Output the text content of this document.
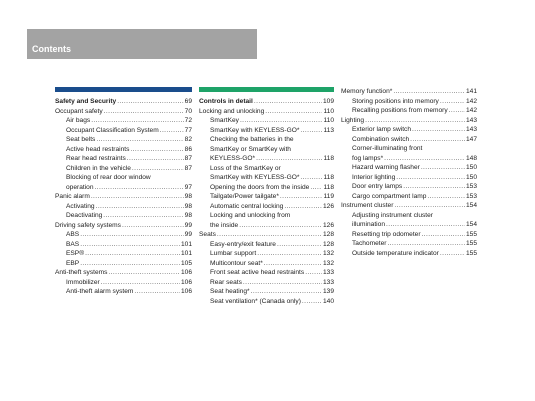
Contents
Safety and Security .....	69
Occupant safety .....	70
Air bags .....	72
Occupant Classification System .....	77
Seat belts .....	82
Active head restraints .....	86
Rear head restraints .....	87
Children in the vehicle .....	87
Blocking of rear door window
operation .....	97
Panic alarm .....	98
Activating .....	98
Deactivating .....	98
Driving safety systems .....	99
ABS .....	99
BAS .....	101
ESP® .....	101
EBP .....	105
Anti-theft systems .....	106
Immobilizer .....	106
Anti-theft alarm system .....	106
Controls in detail .....	109
Locking and unlocking .....	110
SmartKey .....	110
SmartKey with KEYLESS-GO* .....	113
Checking the batteries in the
SmartKey or SmartKey with
KEYLESS-GO* .....	118
Loss of the SmartKey or
SmartKey with KEYLESS-GO* .....	118
Opening the doors from the inside ..... 118
Tailgate/Power tailgate* .....	119
Automatic central locking .....	126
Locking and unlocking from
the inside .....	126
Seats .....	128
Easy-entry/exit feature .....	128
Lumbar support .....	132
Multicontour seat* .....	132
Front seat active head restraints .....	133
Rear seats .....	133
Seat heating* .....	139
Seat ventilation* (Canada only) .....	140
Memory function* .....	141
Storing positions into memory .....	142
Recalling positions from memory .....	142
Lighting .....	143
Exterior lamp switch .....	143
Combination switch .....	147
Corner-illuminating front
fog lamps* .....	148
Hazard warning flasher .....	150
Interior lighting .....	150
Door entry lamps .....	153
Cargo compartment lamp .....	153
Instrument cluster .....	154
Adjusting instrument cluster
illumination .....	154
Resetting trip odometer .....	155
Tachometer .....	155
Outside temperature indicator .....	155
